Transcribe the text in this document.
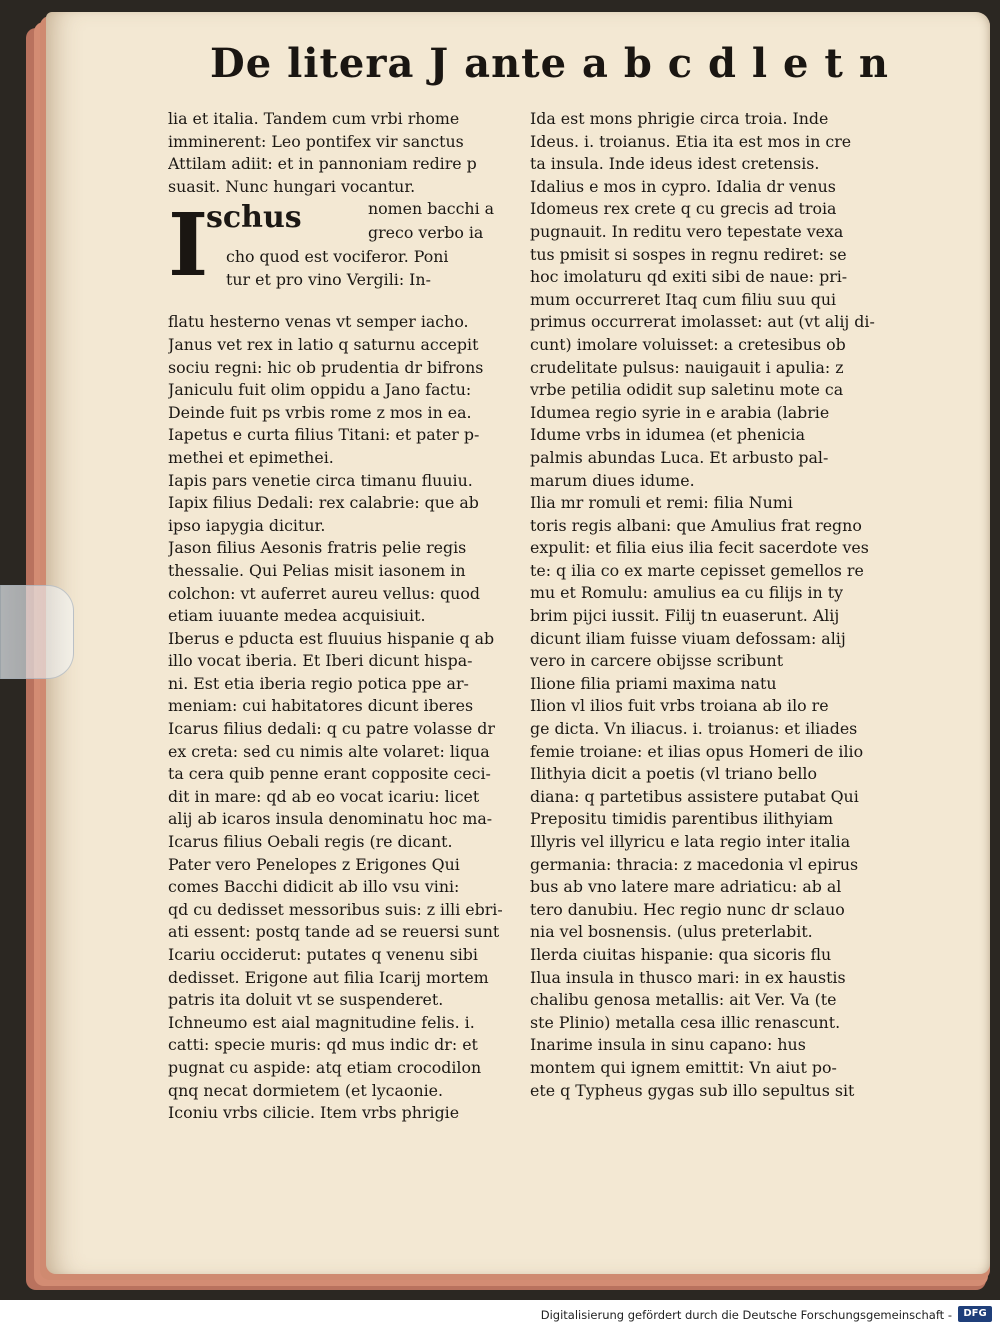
De litera J ante a b c d l e t n
lia et italia. Tandem cum vrbi rhome
imminerent: Leo pontifex vir sanctus
Attilam adiit: et in pannoniam redire p
suasit. Nunc hungari vocantur.
I
schus	nomen bacchi a
greco verbo ia
cho quod est vociferor. Poni
tur et pro vino Vergili: In-
flatu hesterno venas vt semper iacho.
Janus vet rex in latio q saturnu accepit
sociu regni: hic ob prudentia dr bifrons
Janiculu fuit olim oppidu a Jano factu:
Deinde fuit ps vrbis rome z mos in ea.
Iapetus e curta filius Titani: et pater p-
methei et epimethei.
Iapis pars venetie circa timanu fluuiu.
Iapix filius Dedali: rex calabrie: que ab
ipso iapygia dicitur.
Jason filius Aesonis fratris pelie regis
thessalie. Qui Pelias misit iasonem in
colchon: vt auferret aureu vellus: quod
etiam iuuante medea acquisiuit.
Iberus e pducta est fluuius hispanie q ab
illo vocat iberia. Et Iberi dicunt hispa-
ni. Est etia iberia regio potica ppe ar-
meniam: cui habitatores dicunt iberes
Icarus filius dedali: q cu patre volasse dr
ex creta: sed cu nimis alte volaret: liqua
ta cera quib penne erant copposite ceci-
dit in mare: qd ab eo vocat icariu: licet
alij ab icaros insula denominatu hoc ma-
Icarus filius Oebali regis (re dicant.
Pater vero Penelopes z Erigones Qui
comes Bacchi didicit ab illo vsu vini:
qd cu dedisset messoribus suis: z illi ebri-
ati essent: postq tande ad se reuersi sunt
Icariu occiderut: putates q venenu sibi
dedisset. Erigone aut filia Icarij mortem
patris ita doluit vt se suspenderet.
Ichneumo est aial magnitudine felis. i.
catti: specie muris: qd mus indic dr: et
pugnat cu aspide: atq etiam crocodilon
qnq necat dormietem (et lycaonie.
Iconiu vrbs cilicie. Item vrbs phrigie
Ida est mons phrigie circa troia. Inde
Ideus. i. troianus. Etia ita est mos in cre
ta insula. Inde ideus idest cretensis.
Idalius e mos in cypro. Idalia dr venus
Idomeus rex crete q cu grecis ad troia
pugnauit. In reditu vero tepestate vexa
tus pmisit si sospes in regnu rediret: se
hoc imolaturu qd exiti sibi de naue: pri-
mum occurreret Itaq cum filiu suu qui
primus occurrerat imolasset: aut (vt alij di-
cunt) imolare voluisset: a cretesibus ob
crudelitate pulsus: nauigauit i apulia: z
vrbe petilia odidit sup saletinu mote ca
Idumea regio syrie in e arabia (labrie
Idume vrbs in idumea (et phenicia
palmis abundas Luca. Et arbusto pal-
marum diues idume.
Ilia mr romuli et remi: filia Numi
toris regis albani: que Amulius frat regno
expulit: et filia eius ilia fecit sacerdote ves
te: q ilia co ex marte cepisset gemellos re
mu et Romulu: amulius ea cu filijs in ty
brim pijci iussit. Filij tn euaserunt. Alij
dicunt iliam fuisse viuam defossam: alij
vero in carcere obijsse scribunt
Ilione filia priami maxima natu
Ilion vl ilios fuit vrbs troiana ab ilo re
ge dicta. Vn iliacus. i. troianus: et iliades
femie troiane: et ilias opus Homeri de ilio
Ilithyia dicit a poetis (vl triano bello
diana: q partetibus assistere putabat Qui
Prepositu timidis parentibus ilithyiam
Illyris vel illyricu e lata regio inter italia
germania: thracia: z macedonia vl epirus
bus ab vno latere mare adriaticu: ab al
tero danubiu. Hec regio nunc dr sclauo
nia vel bosnensis. (ulus preterlabit.
Ilerda ciuitas hispanie: qua sicoris flu
Ilua insula in thusco mari: in ex haustis
chalibu genosa metallis: ait Ver. Va (te
ste Plinio) metalla cesa illic renascunt.
Inarime insula in sinu capano: hus
montem qui ignem emittit: Vn aiut po-
ete q Typheus gygas sub illo sepultus sit
Digitalisierung gefördert durch die Deutsche Forschungsgemeinschaft -	DFG
